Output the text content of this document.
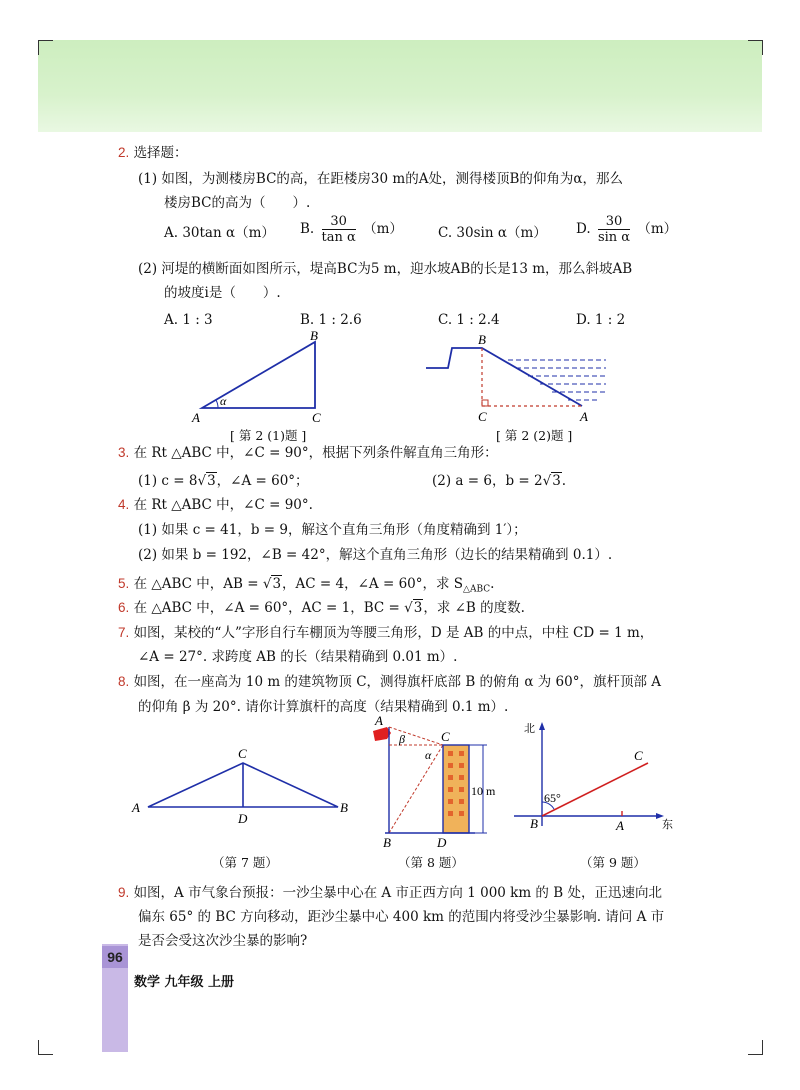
2. 选择题：
(1) 如图，为测楼房BC的高，在距楼房30 m的A处，测得楼顶B的仰角为α，那么
楼房BC的高为（　　）.
A. 30tan α（m） B. $\frac{30}{\text{tan α}} (m)$	C. 30sin α（m） D. $\frac{30}{\text{sin α}} (m)$
(2) 河堤的横断面如图所示，堤高BC为5 m，迎水坡AB的长是13 m，那么斜坡AB
的坡度i是（　　）.
A. 1 : 3	B. 1 : 2.6	C. 1 : 2.4	D. 1 : 2
A
B
C
α
[ 第 2 (1)题 ]
B
C	A
[ 第 2 (2)题 ]
3. 在 Rt △ABC 中，∠C = 90°，根据下列条件解直角三角形：
(1) c = 8√3，∠A = 60°；	(2) a = 6，b = 2√3.
4. 在 Rt △ABC 中，∠C = 90°.
(1) 如果 c = 41，b = 9，解这个直角三角形（角度精确到 1′）；
(2) 如果 b = 192，∠B = 42°，解这个直角三角形（边长的结果精确到 0.1）.
5. 在 △ABC 中，AB = √3，AC = 4，∠A = 60°，求 $S_{\triangle ABC}$.
6. 在 △ABC 中，∠A = 60°，AC = 1，BC = √3，求 ∠B 的度数.
7. 如图，某校的“人”字形自行车棚顶为等腰三角形，D 是 AB 的中点，中柱 CD = 1 m，
∠A = 27°. 求跨度 AB 的长（结果精确到 0.01 m）.
8. 如图，在一座高为 10 m 的建筑物顶 C，测得旗杆底部 B 的俯角 α 为 60°，旗杆顶部 A
的仰角 β 为 20°. 请你计算旗杆的高度（结果精确到 0.1 m）.
A	B
C
D
（第 7 题）
A
β	C
α
10 m
B	D
（第 8 题）
北
65°
C
B	A	东
（第 9 题）
9. 如图，A 市气象台预报：一沙尘暴中心在 A 市正西方向 1 000 km 的 B 处，正迅速向北
偏东 65° 的 BC 方向移动，距沙尘暴中心 400 km 的范围内将受沙尘暴影响. 请问 A 市
是否会受这次沙尘暴的影响?
96
数学 九年级 上册
